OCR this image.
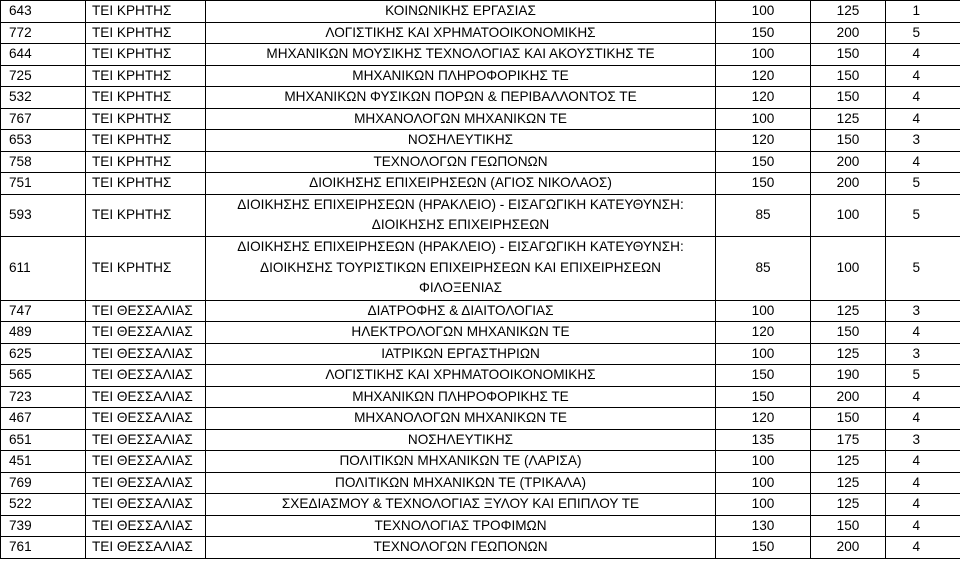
643	ΤΕΙ ΚΡΗΤΗΣ	ΚΟΙΝΩΝΙΚΗΣ ΕΡΓΑΣΙΑΣ	100	125	1
772	ΤΕΙ ΚΡΗΤΗΣ	ΛΟΓΙΣΤΙΚΗΣ ΚΑΙ ΧΡΗΜΑΤΟΟΙΚΟΝΟΜΙΚΗΣ	150	200	5
644	ΤΕΙ ΚΡΗΤΗΣ	ΜΗΧΑΝΙΚΩΝ ΜΟΥΣΙΚΗΣ ΤΕΧΝΟΛΟΓΙΑΣ ΚΑΙ ΑΚΟΥΣΤΙΚΗΣ ΤΕ	100	150	4
725	ΤΕΙ ΚΡΗΤΗΣ	ΜΗΧΑΝΙΚΩΝ ΠΛΗΡΟΦΟΡΙΚΗΣ ΤΕ	120	150	4
532	ΤΕΙ ΚΡΗΤΗΣ	ΜΗΧΑΝΙΚΩΝ ΦΥΣΙΚΩΝ ΠΟΡΩΝ & ΠΕΡΙΒΑΛΛΟΝΤΟΣ ΤΕ	120	150	4
767	ΤΕΙ ΚΡΗΤΗΣ	ΜΗΧΑΝΟΛΟΓΩΝ ΜΗΧΑΝΙΚΩΝ ΤΕ	100	125	4
653	ΤΕΙ ΚΡΗΤΗΣ	ΝΟΣΗΛΕΥΤΙΚΗΣ	120	150	3
758	ΤΕΙ ΚΡΗΤΗΣ	ΤΕΧΝΟΛΟΓΩΝ ΓΕΩΠΟΝΩΝ	150	200	4
751	ΤΕΙ ΚΡΗΤΗΣ	ΔΙΟΙΚΗΣΗΣ ΕΠΙΧΕΙΡΗΣΕΩΝ (ΑΓΙΟΣ ΝΙΚΟΛΑΟΣ)	150	200	5
593	ΤΕΙ ΚΡΗΤΗΣ	ΔΙΟΙΚΗΣΗΣ ΕΠΙΧΕΙΡΗΣΕΩΝ (ΗΡΑΚΛΕΙΟ) - ΕΙΣΑΓΩΓΙΚΗ ΚΑΤΕΥΘΥΝΣΗ:
ΔΙΟΙΚΗΣΗΣ ΕΠΙΧΕΙΡΗΣΕΩΝ	85	100	5
611	ΤΕΙ ΚΡΗΤΗΣ	ΔΙΟΙΚΗΣΗΣ ΕΠΙΧΕΙΡΗΣΕΩΝ (ΗΡΑΚΛΕΙΟ) - ΕΙΣΑΓΩΓΙΚΗ ΚΑΤΕΥΘΥΝΣΗ:
ΔΙΟΙΚΗΣΗΣ ΤΟΥΡΙΣΤΙΚΩΝ ΕΠΙΧΕΙΡΗΣΕΩΝ ΚΑΙ ΕΠΙΧΕΙΡΗΣΕΩΝ
ΦΙΛΟΞΕΝΙΑΣ	85	100	5
747	ΤΕΙ ΘΕΣΣΑΛΙΑΣ	ΔΙΑΤΡΟΦΗΣ & ΔΙΑΙΤΟΛΟΓΙΑΣ	100	125	3
489	ΤΕΙ ΘΕΣΣΑΛΙΑΣ	ΗΛΕΚΤΡΟΛΟΓΩΝ ΜΗΧΑΝΙΚΩΝ ΤΕ	120	150	4
625	ΤΕΙ ΘΕΣΣΑΛΙΑΣ	ΙΑΤΡΙΚΩΝ ΕΡΓΑΣΤΗΡΙΩΝ	100	125	3
565	ΤΕΙ ΘΕΣΣΑΛΙΑΣ	ΛΟΓΙΣΤΙΚΗΣ ΚΑΙ ΧΡΗΜΑΤΟΟΙΚΟΝΟΜΙΚΗΣ	150	190	5
723	ΤΕΙ ΘΕΣΣΑΛΙΑΣ	ΜΗΧΑΝΙΚΩΝ ΠΛΗΡΟΦΟΡΙΚΗΣ ΤΕ	150	200	4
467	ΤΕΙ ΘΕΣΣΑΛΙΑΣ	ΜΗΧΑΝΟΛΟΓΩΝ ΜΗΧΑΝΙΚΩΝ ΤΕ	120	150	4
651	ΤΕΙ ΘΕΣΣΑΛΙΑΣ	ΝΟΣΗΛΕΥΤΙΚΗΣ	135	175	3
451	ΤΕΙ ΘΕΣΣΑΛΙΑΣ	ΠΟΛΙΤΙΚΩΝ ΜΗΧΑΝΙΚΩΝ ΤΕ (ΛΑΡΙΣΑ)	100	125	4
769	ΤΕΙ ΘΕΣΣΑΛΙΑΣ	ΠΟΛΙΤΙΚΩΝ ΜΗΧΑΝΙΚΩΝ ΤΕ (ΤΡΙΚΑΛΑ)	100	125	4
522	ΤΕΙ ΘΕΣΣΑΛΙΑΣ	ΣΧΕΔΙΑΣΜΟΥ & ΤΕΧΝΟΛΟΓΙΑΣ ΞΥΛΟΥ ΚΑΙ ΕΠΙΠΛΟΥ ΤΕ	100	125	4
739	ΤΕΙ ΘΕΣΣΑΛΙΑΣ	ΤΕΧΝΟΛΟΓΙΑΣ ΤΡΟΦΙΜΩΝ	130	150	4
761	ΤΕΙ ΘΕΣΣΑΛΙΑΣ	ΤΕΧΝΟΛΟΓΩΝ ΓΕΩΠΟΝΩΝ	150	200	4
